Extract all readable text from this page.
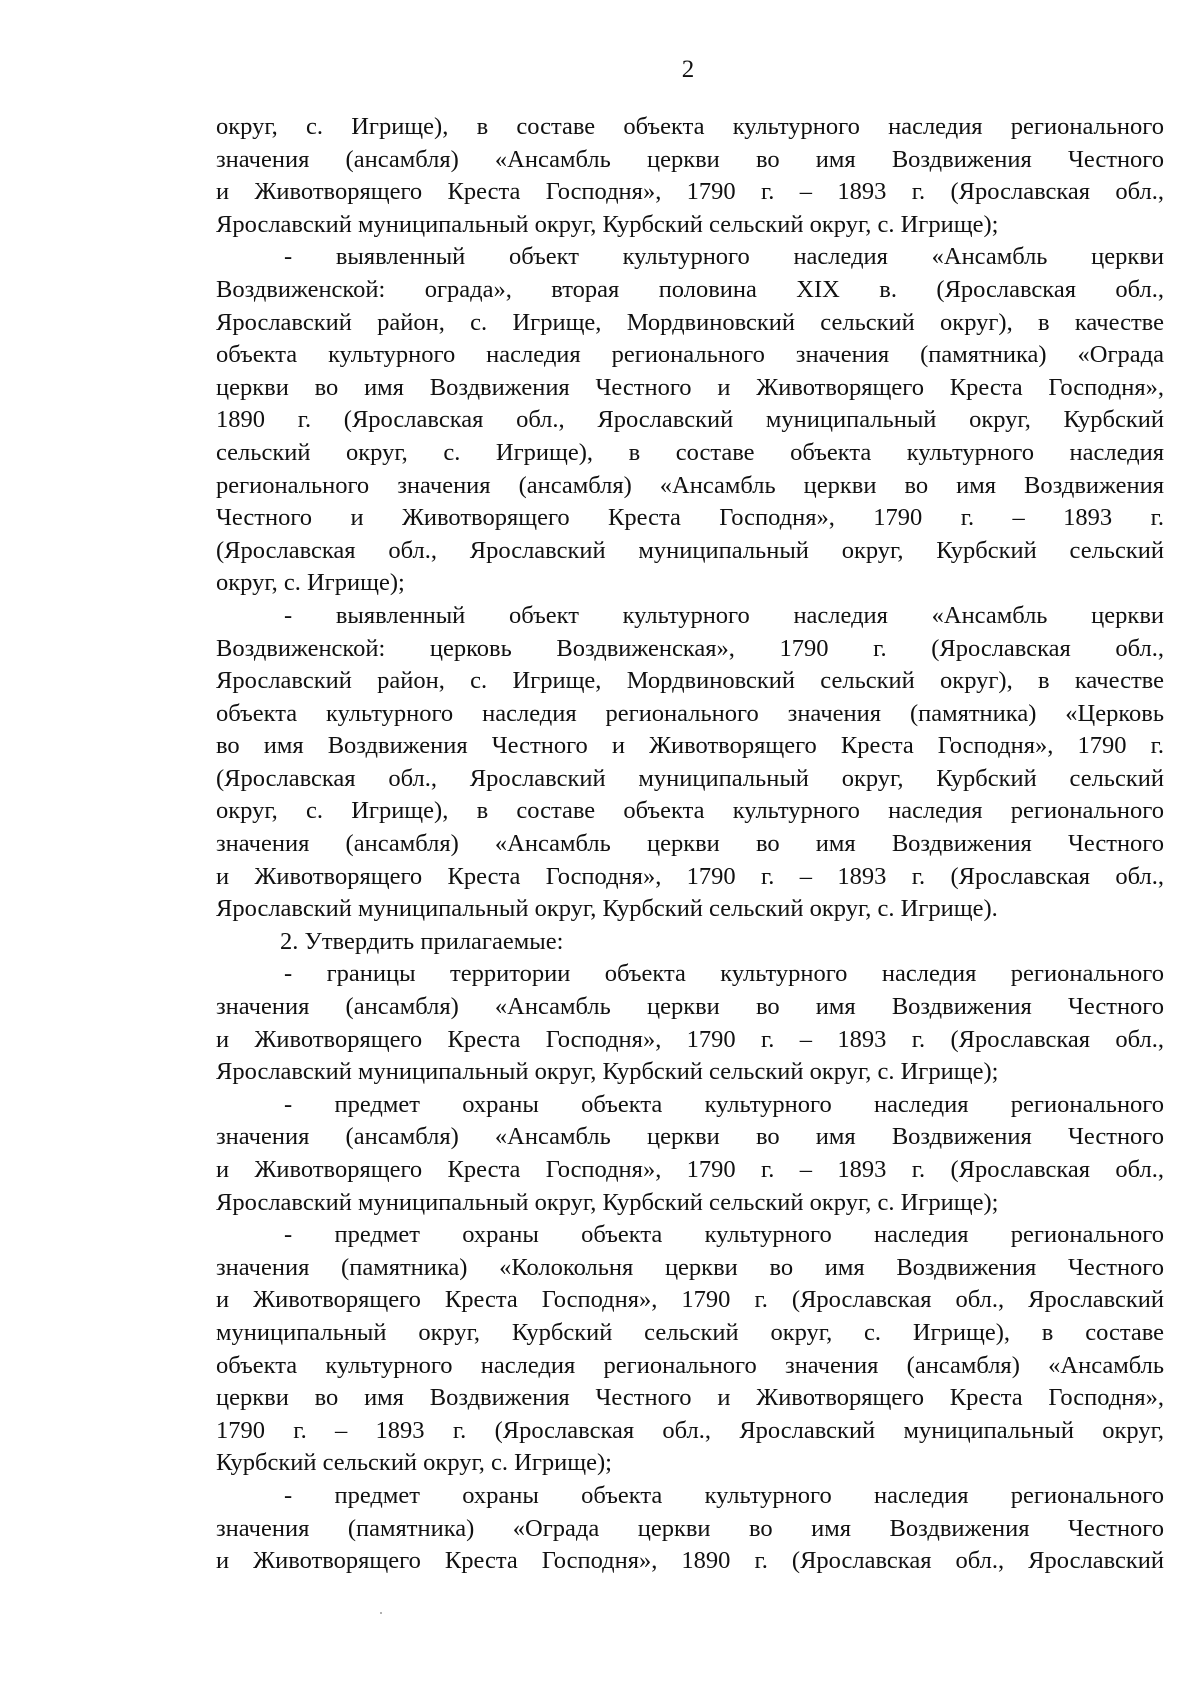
2
округ, с. Игрище), в составе объекта культурного наследия регионального
значения (ансамбля) «Ансамбль церкви во имя Воздвижения Честного
и Животворящего Креста Господня», 1790 г. – 1893 г. (Ярославская обл.,
Ярославский муниципальный округ, Курбский сельский округ, с. Игрище);
- выявленный объект культурного наследия «Ансамбль церкви
Воздвиженской: ограда», вторая половина XIX в. (Ярославская обл.,
Ярославский район, с. Игрище, Мордвиновский сельский округ), в качестве
объекта культурного наследия регионального значения (памятника) «Ограда
церкви во имя Воздвижения Честного и Животворящего Креста Господня»,
1890 г. (Ярославская обл., Ярославский муниципальный округ, Курбский
сельский округ, с. Игрище), в составе объекта культурного наследия
регионального значения (ансамбля) «Ансамбль церкви во имя Воздвижения
Честного и Животворящего Креста Господня», 1790 г. – 1893 г.
(Ярославская обл., Ярославский муниципальный округ, Курбский сельский
округ, с. Игрище);
- выявленный объект культурного наследия «Ансамбль церкви
Воздвиженской: церковь Воздвиженская», 1790 г. (Ярославская обл.,
Ярославский район, с. Игрище, Мордвиновский сельский округ), в качестве
объекта культурного наследия регионального значения (памятника) «Церковь
во имя Воздвижения Честного и Животворящего Креста Господня», 1790 г.
(Ярославская обл., Ярославский муниципальный округ, Курбский сельский
округ, с. Игрище), в составе объекта культурного наследия регионального
значения (ансамбля) «Ансамбль церкви во имя Воздвижения Честного
и Животворящего Креста Господня», 1790 г. – 1893 г. (Ярославская обл.,
Ярославский муниципальный округ, Курбский сельский округ, с. Игрище).
2. Утвердить прилагаемые:
- границы территории объекта культурного наследия регионального
значения (ансамбля) «Ансамбль церкви во имя Воздвижения Честного
и Животворящего Креста Господня», 1790 г. – 1893 г. (Ярославская обл.,
Ярославский муниципальный округ, Курбский сельский округ, с. Игрище);
- предмет охраны объекта культурного наследия регионального
значения (ансамбля) «Ансамбль церкви во имя Воздвижения Честного
и Животворящего Креста Господня», 1790 г. – 1893 г. (Ярославская обл.,
Ярославский муниципальный округ, Курбский сельский округ, с. Игрище);
- предмет охраны объекта культурного наследия регионального
значения (памятника) «Колокольня церкви во имя Воздвижения Честного
и Животворящего Креста Господня», 1790 г. (Ярославская обл., Ярославский
муниципальный округ, Курбский сельский округ, с. Игрище), в составе
объекта культурного наследия регионального значения (ансамбля) «Ансамбль
церкви во имя Воздвижения Честного и Животворящего Креста Господня»,
1790 г. – 1893 г. (Ярославская обл., Ярославский муниципальный округ,
Курбский сельский округ, с. Игрище);
- предмет охраны объекта культурного наследия регионального
значения (памятника) «Ограда церкви во имя Воздвижения Честного
и Животворящего Креста Господня», 1890 г. (Ярославская обл., Ярославский
